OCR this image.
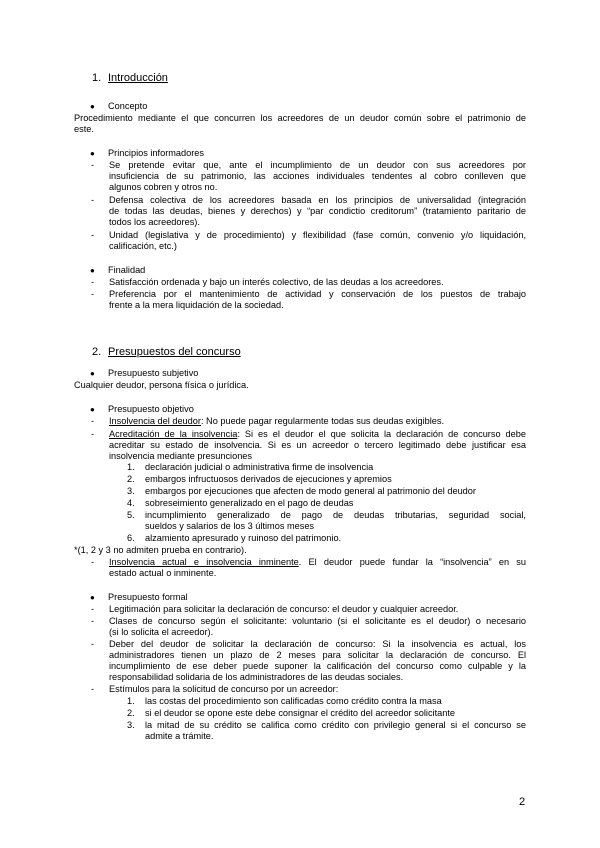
1. Introducción
● Concepto
Procedimiento mediante el que concurren los acreedores de un deudor común sobre el patrimonio de
este.
● Principios informadores
- Se pretende evitar que, ante el incumplimiento de un deudor con sus acreedores por
insuficiencia de su patrimonio, las acciones individuales tendentes al cobro conlleven que
algunos cobren y otros no.
- Defensa colectiva de los acreedores basada en los principios de universalidad (integración
de todas las deudas, bienes y derechos) y “par condictio creditorum” (tratamiento paritario de
todos los acreedores).
- Unidad (legislativa y de procedimiento) y flexibilidad (fase común, convenio y/o liquidación,
calificación, etc.)
● Finalidad
- Satisfacción ordenada y bajo un interés colectivo, de las deudas a los acreedores.
- Preferencia por el mantenimiento de actividad y conservación de los puestos de trabajo
frente a la mera liquidación de la sociedad.
2. Presupuestos del concurso
● Presupuesto subjetivo
Cualquier deudor, persona física o jurídica.
● Presupuesto objetivo
- Insolvencia del deudor: No puede pagar regularmente todas sus deudas exigibles.
- Acreditación de la insolvencia: Si es el deudor el que solicita la declaración de concurso debe
acreditar su estado de insolvencia. Si es un acreedor o tercero legitimado debe justificar esa
insolvencia mediante presunciones
1. declaración judicial o administrativa firme de insolvencia
2. embargos infructuosos derivados de ejecuciones y apremios
3. embargos por ejecuciones que afecten de modo general al patrimonio del deudor
4. sobreseimiento generalizado en el pago de deudas
5. incumplimiento generalizado de pago de deudas tributarias, seguridad social,
sueldos y salarios de los 3 últimos meses
6. alzamiento apresurado y ruinoso del patrimonio.
*(1, 2 y 3 no admiten prueba en contrario).
- Insolvencia actual e insolvencia inminente. El deudor puede fundar la “insolvencia” en su
estado actual o inminente.
● Presupuesto formal
- Legitimación para solicitar la declaración de concurso: el deudor y cualquier acreedor.
- Clases de concurso según el solicitante: voluntario (si el solicitante es el deudor) o necesario
(si lo solicita el acreedor).
- Deber del deudor de solicitar la declaración de concurso: Si la insolvencia es actual, los
administradores tienen un plazo de 2 meses para solicitar la declaración de concurso. El
incumplimiento de ese deber puede suponer la calificación del concurso como culpable y la
responsabilidad solidaria de los administradores de las deudas sociales.
- Estímulos para la solicitud de concurso por un acreedor:
1. las costas del procedimiento son calificadas como crédito contra la masa
2. si el deudor se opone este debe consignar el crédito del acreedor solicitante
3. la mitad de su crédito se califica como crédito con privilegio general si el concurso se
admite a trámite.
2
